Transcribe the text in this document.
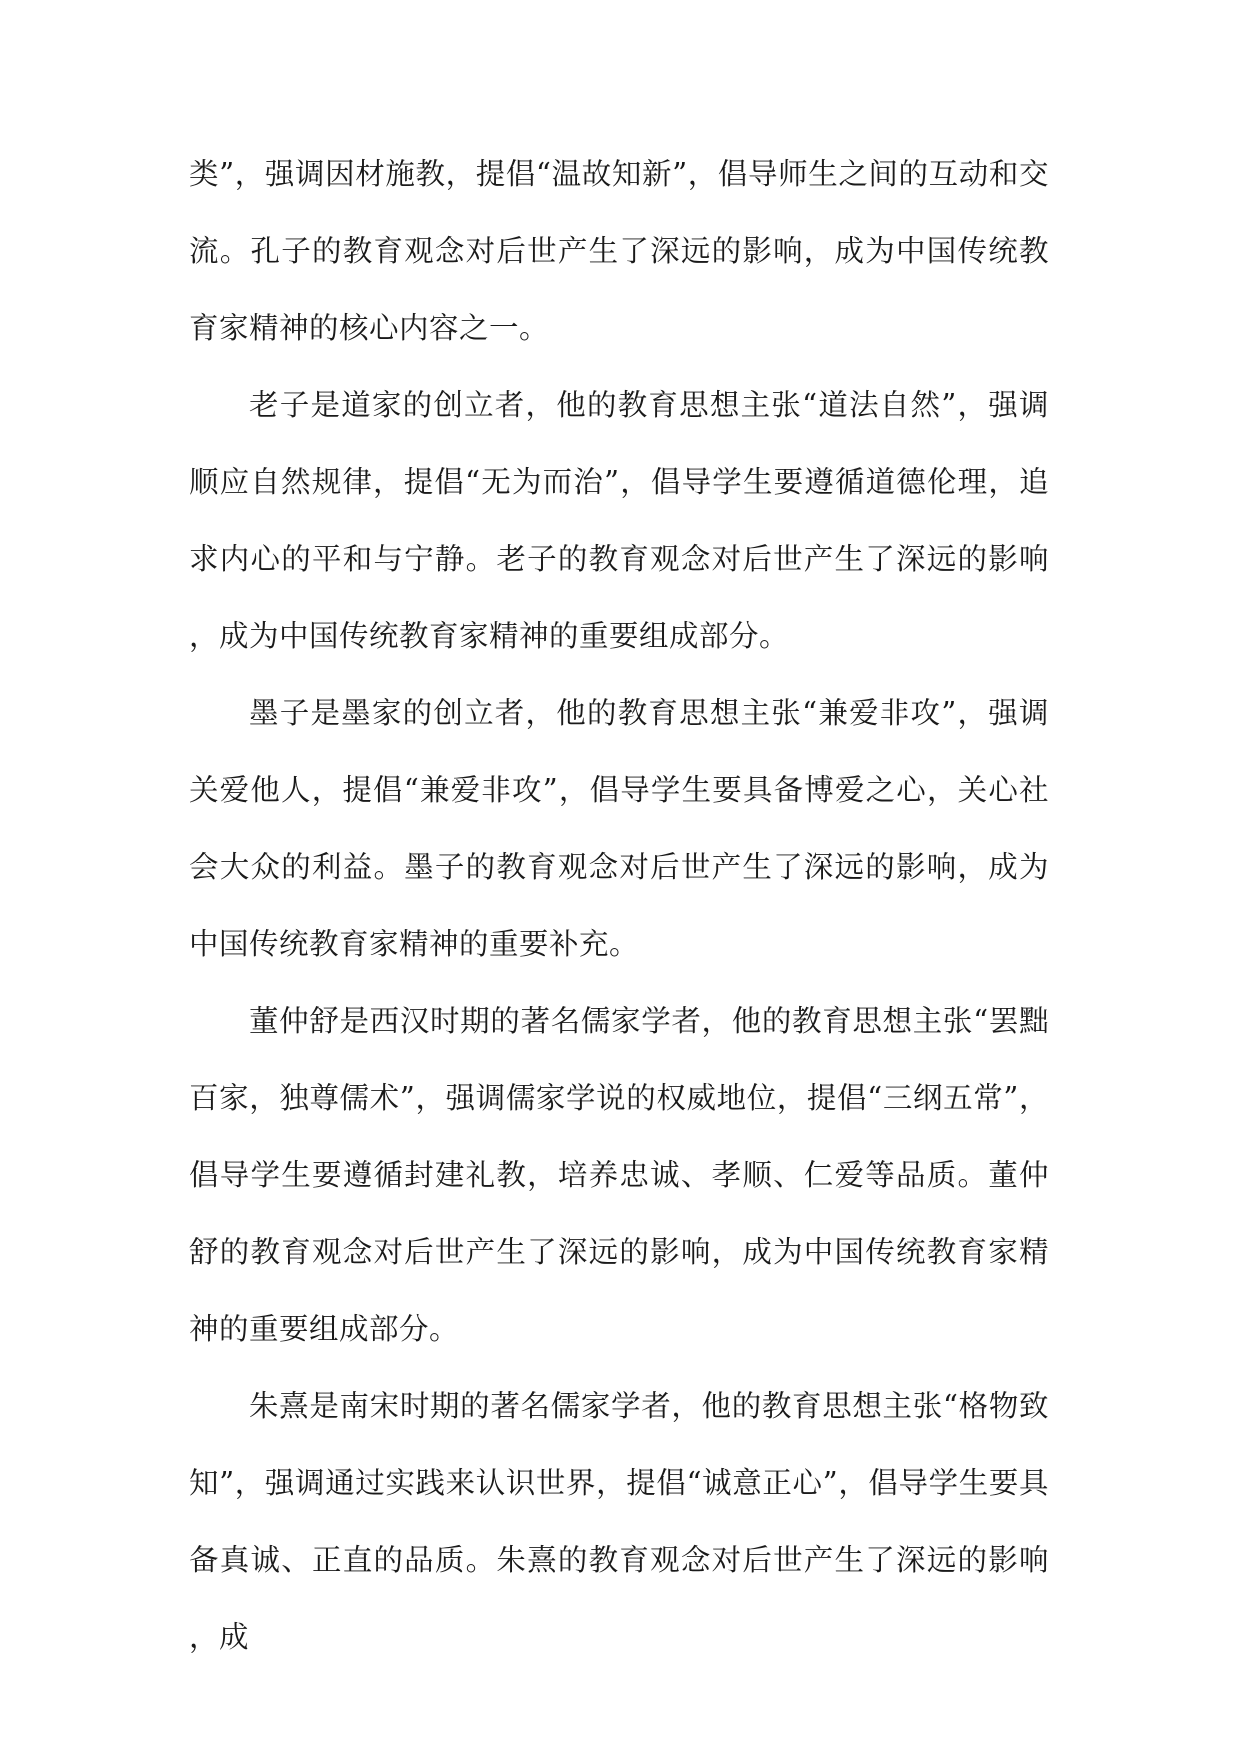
类”，强调因材施教，提倡“温故知新”，倡导师生之间的互动和交流。孔子的教育观念对后世产生了深远的影响，成为中国传统教育家精神的核心内容之一。

老子是道家的创立者，他的教育思想主张“道法自然”，强调顺应自然规律，提倡“无为而治”，倡导学生要遵循道德伦理，追求内心的平和与宁静。老子的教育观念对后世产生了深远的影响，成为中国传统教育家精神的重要组成部分。

墨子是墨家的创立者，他的教育思想主张“兼爱非攻”，强调关爱他人，提倡“兼爱非攻”，倡导学生要具备博爱之心，关心社会大众的利益。墨子的教育观念对后世产生了深远的影响，成为中国传统教育家精神的重要补充。

董仲舒是西汉时期的著名儒家学者，他的教育思想主张“罢黜百家，独尊儒术”，强调儒家学说的权威地位，提倡“三纲五常”，倡导学生要遵循封建礼教，培养忠诚、孝顺、仁爱等品质。董仲舒的教育观念对后世产生了深远的影响，成为中国传统教育家精神的重要组成部分。

朱熹是南宋时期的著名儒家学者，他的教育思想主张“格物致知”，强调通过实践来认识世界，提倡“诚意正心”，倡导学生要具备真诚、正直的品质。朱熹的教育观念对后世产生了深远的影响，成
